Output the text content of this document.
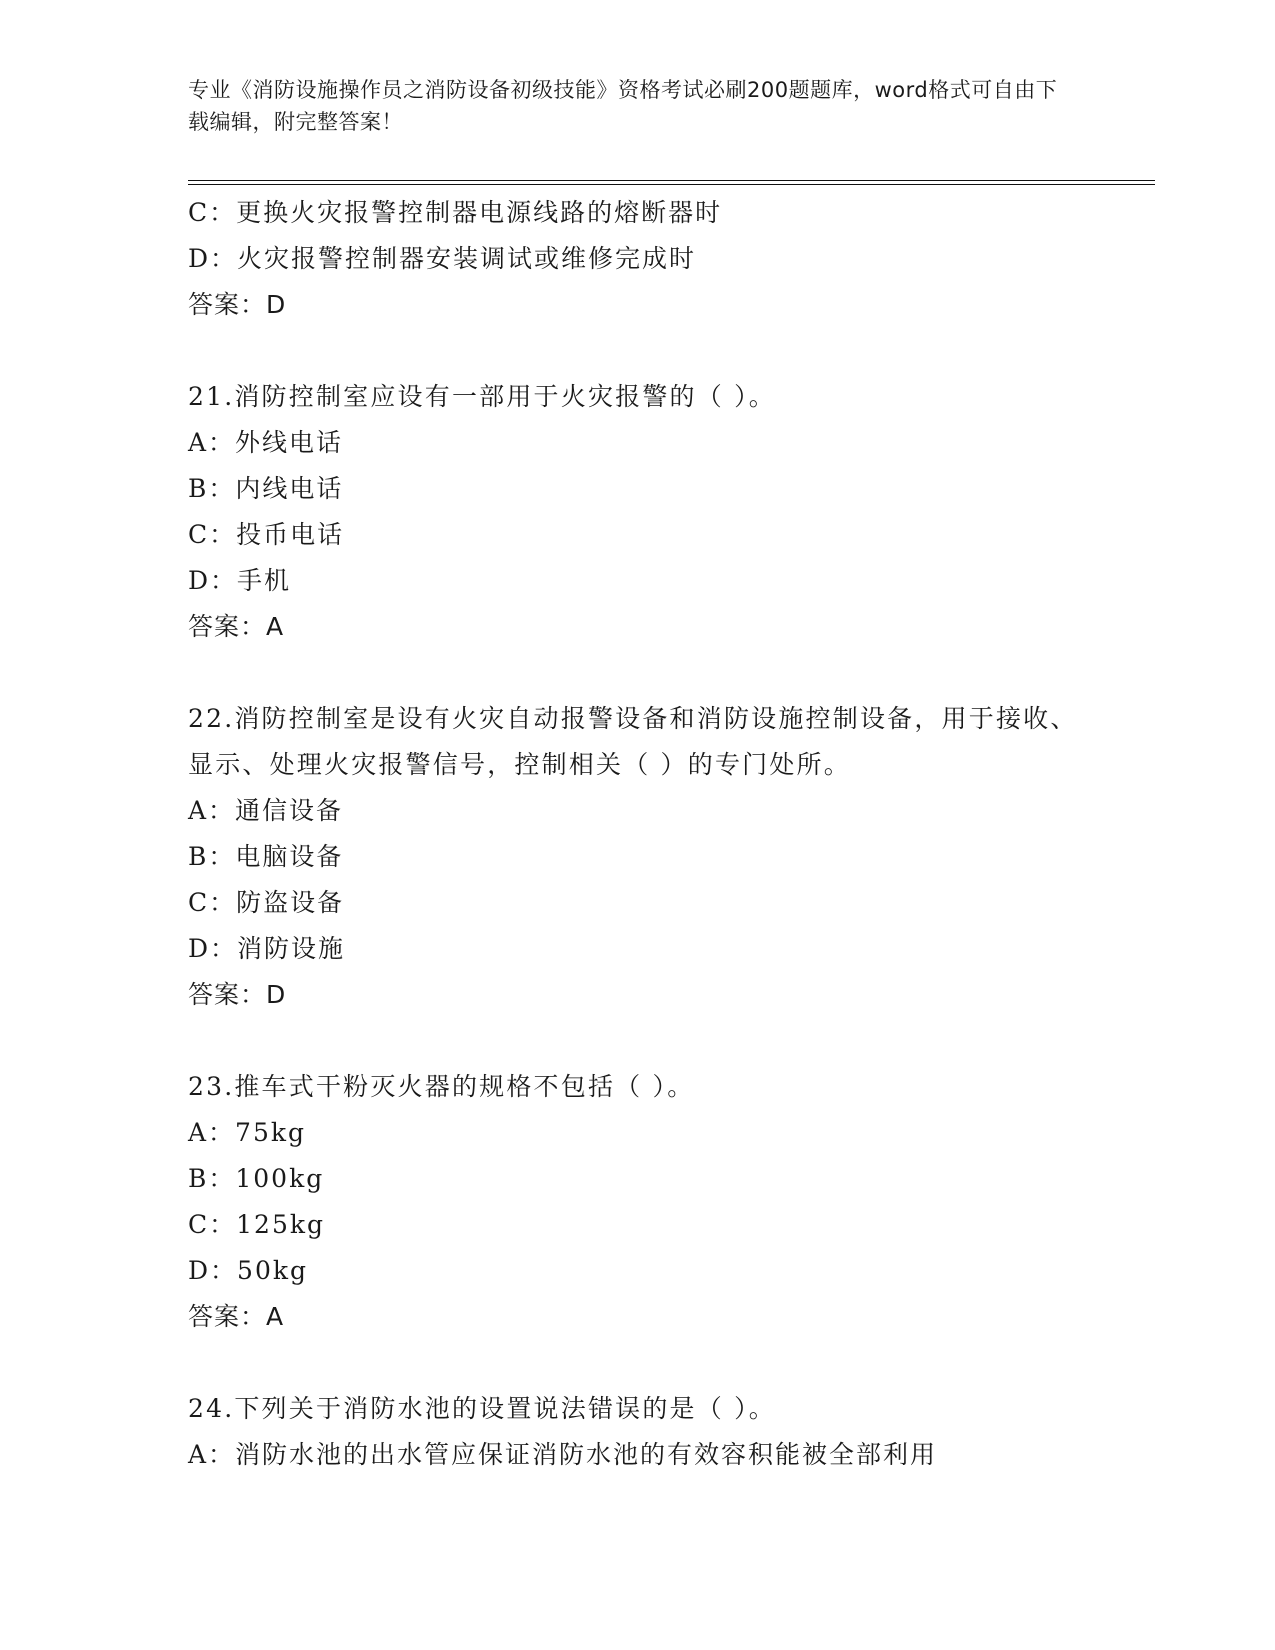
专业《消防设施操作员之消防设备初级技能》资格考试必刷200题题库，word格式可自由下载编辑，附完整答案！
C：更换火灾报警控制器电源线路的熔断器时
D：火灾报警控制器安装调试或维修完成时
答案：D
21.消防控制室应设有一部用于火灾报警的（ ）。
A：外线电话
B：内线电话
C：投币电话
D：手机
答案：A
22.消防控制室是设有火灾自动报警设备和消防设施控制设备，用于接收、显示、处理火灾报警信号，控制相关（ ）的专门处所。
A：通信设备
B：电脑设备
C：防盗设备
D：消防设施
答案：D
23.推车式干粉灭火器的规格不包括（ ）。
A：75kg
B：100kg
C：125kg
D：50kg
答案：A
24.下列关于消防水池的设置说法错误的是（ ）。
A：消防水池的出水管应保证消防水池的有效容积能被全部利用
